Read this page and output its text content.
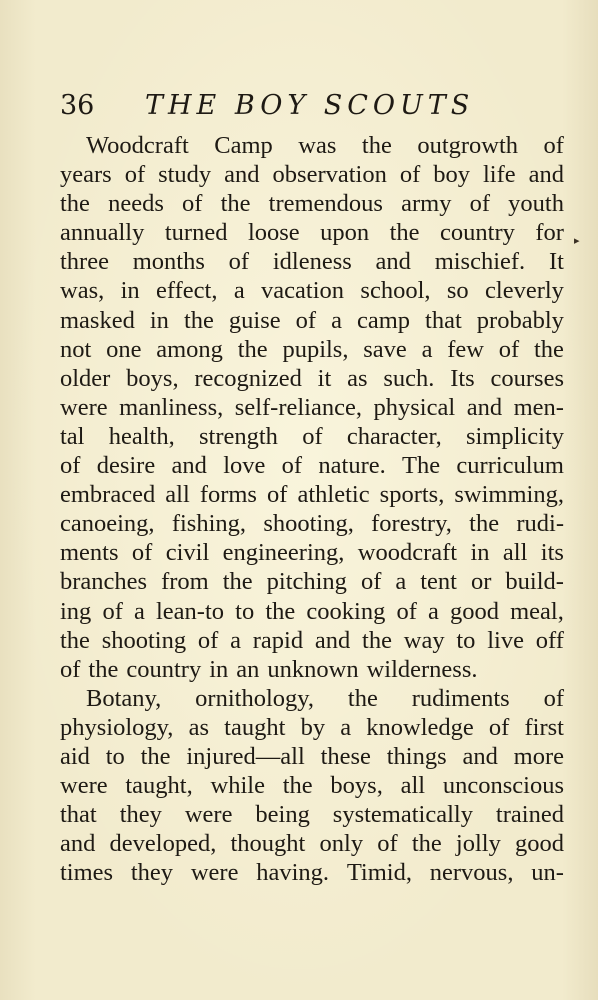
36 THE BOY SCOUTS
Woodcraft Camp was the outgrowth of
years of study and observation of boy life and
the needs of the tremendous army of youth
annually turned loose upon the country for
three months of idleness and mischief. It
was, in effect, a vacation school, so cleverly
masked in the guise of a camp that probably
not one among the pupils, save a few of the
older boys, recognized it as such. Its courses
were manliness, self-reliance, physical and men-
tal health, strength of character, simplicity
of desire and love of nature. The curriculum
embraced all forms of athletic sports, swimming,
canoeing, fishing, shooting, forestry, the rudi-
ments of civil engineering, woodcraft in all its
branches from the pitching of a tent or build-
ing of a lean-to to the cooking of a good meal,
the shooting of a rapid and the way to live off
of the country in an unknown wilderness.
Botany, ornithology, the rudiments of
physiology, as taught by a knowledge of first
aid to the injured—all these things and more
were taught, while the boys, all unconscious
that they were being systematically trained
and developed, thought only of the jolly good
times they were having. Timid, nervous, un-
▸
